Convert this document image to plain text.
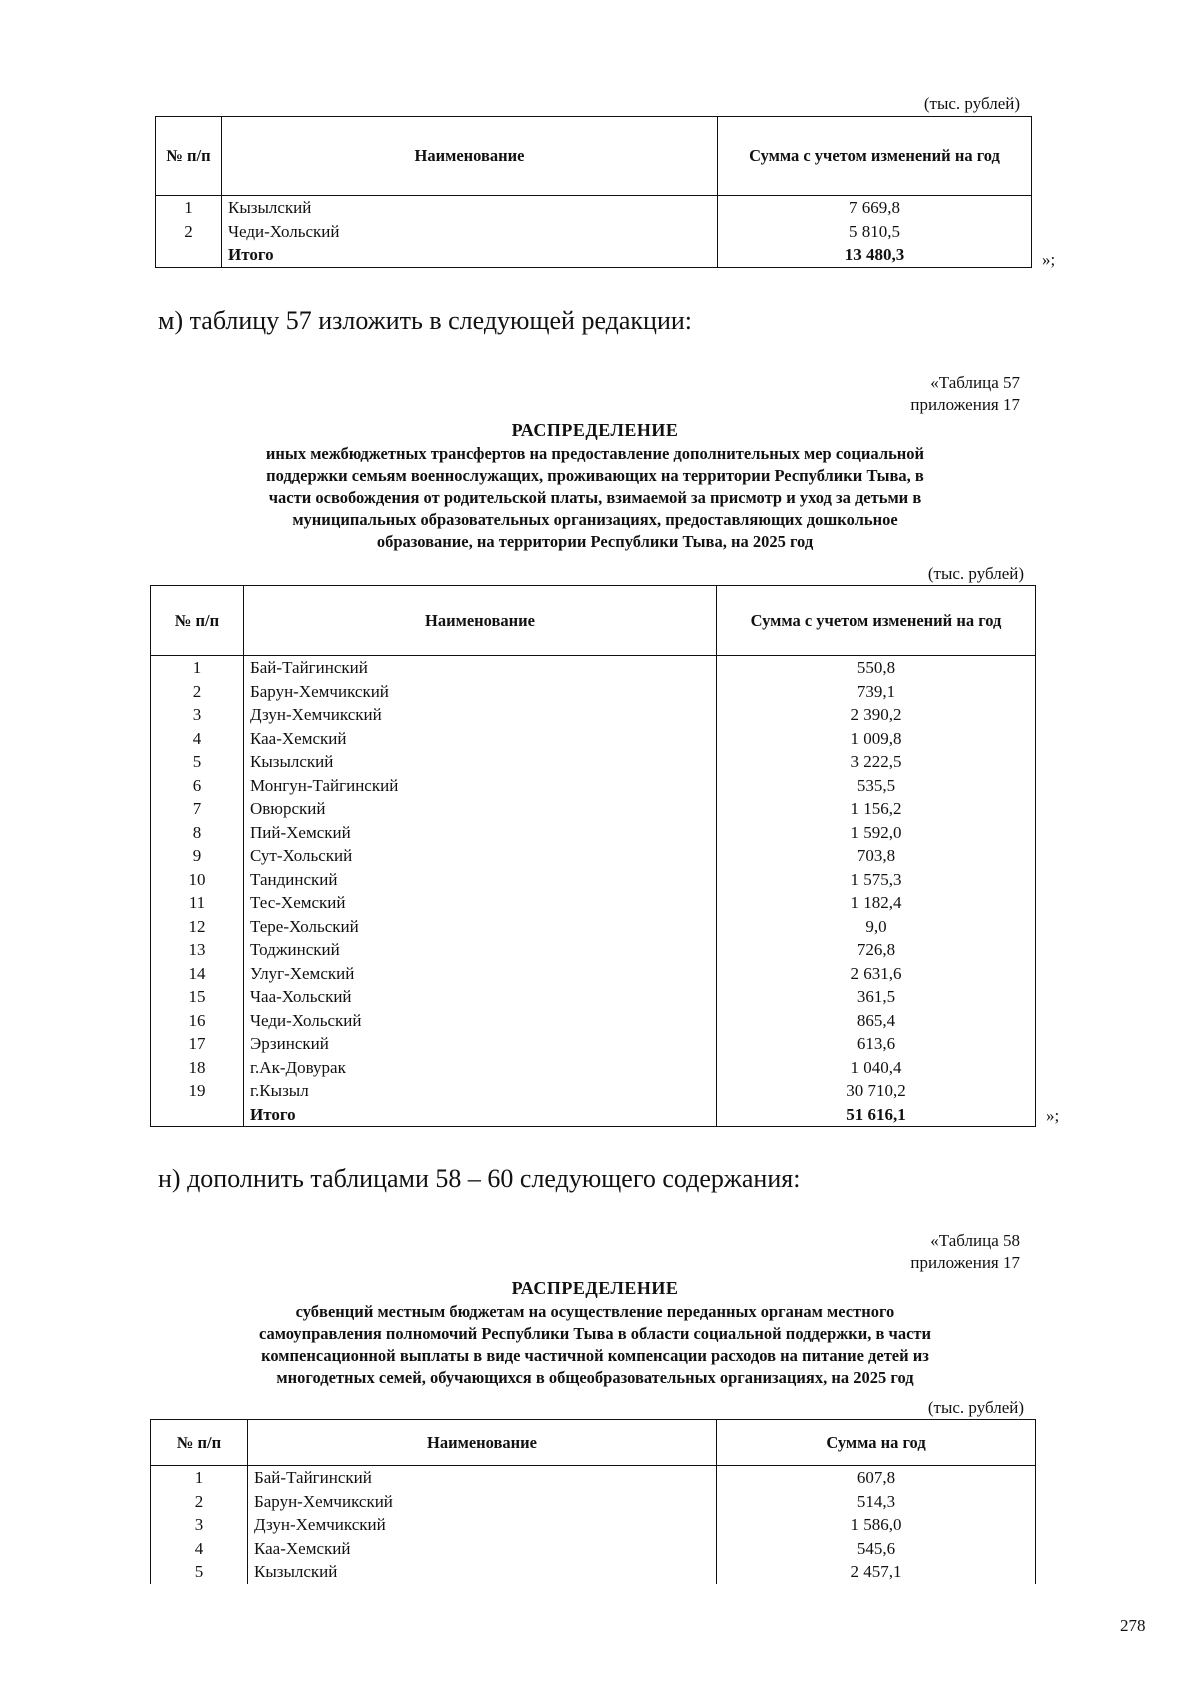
(тыс. рублей)
№ п/п	Наименование	Сумма с учетом изменений на год
1	Кызылский	7 669,8
2	Чеди-Хольский	5 810,5
	Итого	13 480,3	»;
м) таблицу 57 изложить в следующей редакции:
«Таблица 57
приложения 17
РАСПРЕДЕЛЕНИЕ
иных межбюджетных трансфертов на предоставление дополнительных мер социальной
поддержки семьям военнослужащих, проживающих на территории Республики Тыва, в
части освобождения от родительской платы, взимаемой за присмотр и уход за детьми в
муниципальных образовательных организациях, предоставляющих дошкольное
образование, на территории Республики Тыва, на 2025 год
(тыс. рублей)
№ п/п	Наименование	Сумма с учетом изменений на год
1	Бай-Тайгинский	550,8
2	Барун-Хемчикский	739,1
3	Дзун-Хемчикский	2 390,2
4	Каа-Хемский	1 009,8
5	Кызылский	3 222,5
6	Монгун-Тайгинский	535,5
7	Овюрский	1 156,2
8	Пий-Хемский	1 592,0
9	Сут-Хольский	703,8
10	Тандинский	1 575,3
11	Тес-Хемский	1 182,4
12	Тере-Хольский	9,0
13	Тоджинский	726,8
14	Улуг-Хемский	2 631,6
15	Чаа-Хольский	361,5
16	Чеди-Хольский	865,4
17	Эрзинский	613,6
18	г.Ак-Довурак	1 040,4
19	г.Кызыл	30 710,2
	Итого	51 616,1	»;
н) дополнить таблицами 58 – 60 следующего содержания:
«Таблица 58
приложения 17
РАСПРЕДЕЛЕНИЕ
субвенций местным бюджетам на осуществление переданных органам местного
самоуправления полномочий Республики Тыва в области социальной поддержки, в части
компенсационной выплаты в виде частичной компенсации расходов на питание детей из
многодетных семей, обучающихся в общеобразовательных организациях, на 2025 год
(тыс. рублей)
№ п/п	Наименование	Сумма на год
1	Бай-Тайгинский	607,8
2	Барун-Хемчикский	514,3
3	Дзун-Хемчикский	1 586,0
4	Каа-Хемский	545,6
5	Кызылский	2 457,1
278
